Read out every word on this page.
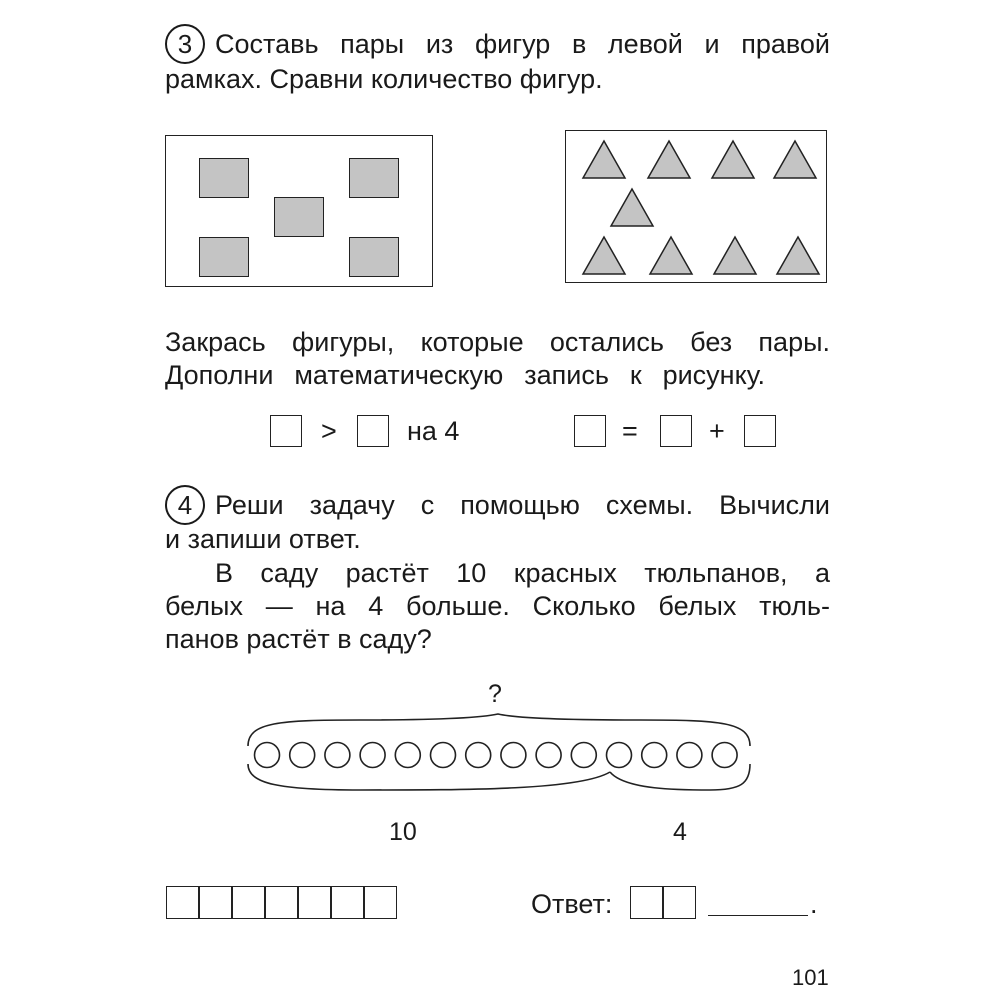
3 Составь пары из фигур в левой и правой
рамках. Сравни количество фигур.
Закрась фигуры, которые остались без пары.
Дополни математическую запись к рисунку.
>	на 4	=	+
4 Реши задачу с помощью схемы. Вычисли
и запиши ответ.
В саду растёт 10 красных тюльпанов, а
белых — на 4 больше. Сколько белых тюль-
панов растёт в саду?
?
10	4
Ответ:	.
101
